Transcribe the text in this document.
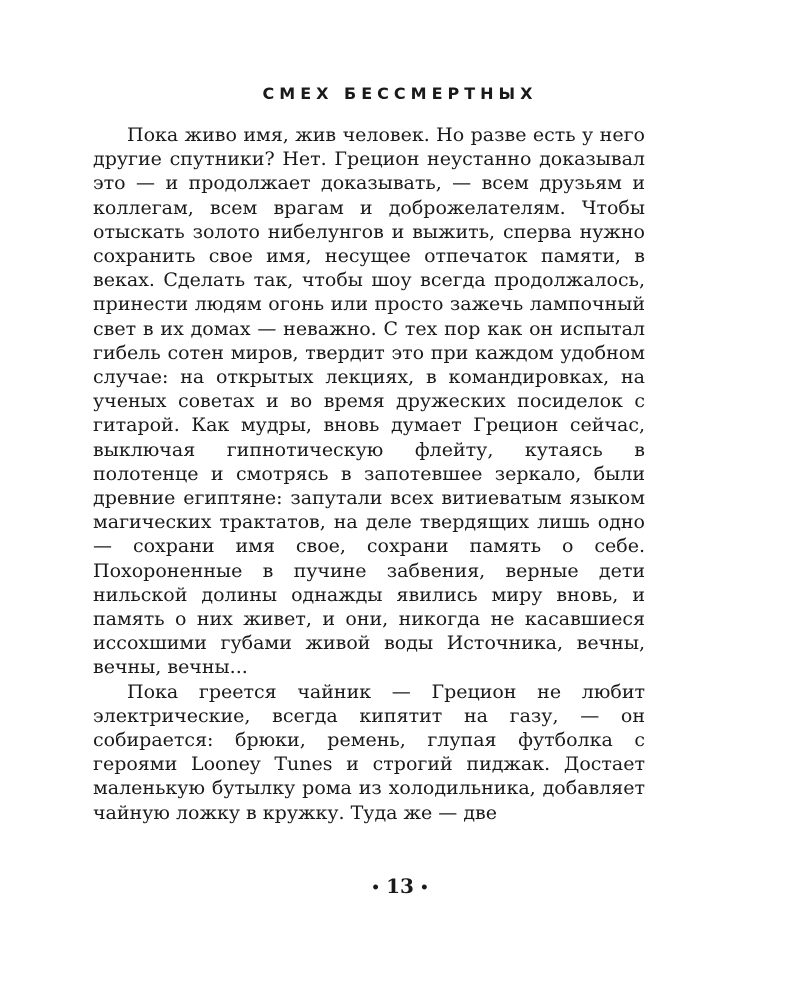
СМЕХ БЕССМЕРТНЫХ

Пока живо имя, жив человек. Но разве есть у него другие спутники? Нет. Грецион неустанно доказывал это — и продолжает доказывать, — всем друзьям и коллегам, всем врагам и доброжелателям. Чтобы отыскать золото нибелунгов и выжить, сперва нужно сохранить свое имя, несущее отпечаток памяти, в веках. Сделать так, чтобы шоу всегда продолжалось, принести людям огонь или просто зажечь лампочный свет в их домах — неважно. С тех пор как он испытал гибель сотен миров, твердит это при каждом удобном случае: на открытых лекциях, в командировках, на ученых советах и во время дружеских посиделок с гитарой. Как мудры, вновь думает Грецион сейчас, выключая гипнотическую флейту, кутаясь в полотенце и смотрясь в запотевшее зеркало, были древние египтяне: запутали всех витиеватым языком магических трактатов, на деле твердящих лишь одно — сохрани имя свое, сохрани память о себе. Похороненные в пучине забвения, верные дети нильской долины однажды явились миру вновь, и память о них живет, и они, никогда не касавшиеся иссохшими губами живой воды Источника, вечны, вечны, вечны...

Пока греется чайник — Грецион не любит электрические, всегда кипятит на газу, — он собирается: брюки, ремень, глупая футболка с героями Looney Tunes и строгий пиджак. Достает маленькую бутылку рома из холодильника, добавляет чайную ложку в кружку. Туда же — две

• 13 •
